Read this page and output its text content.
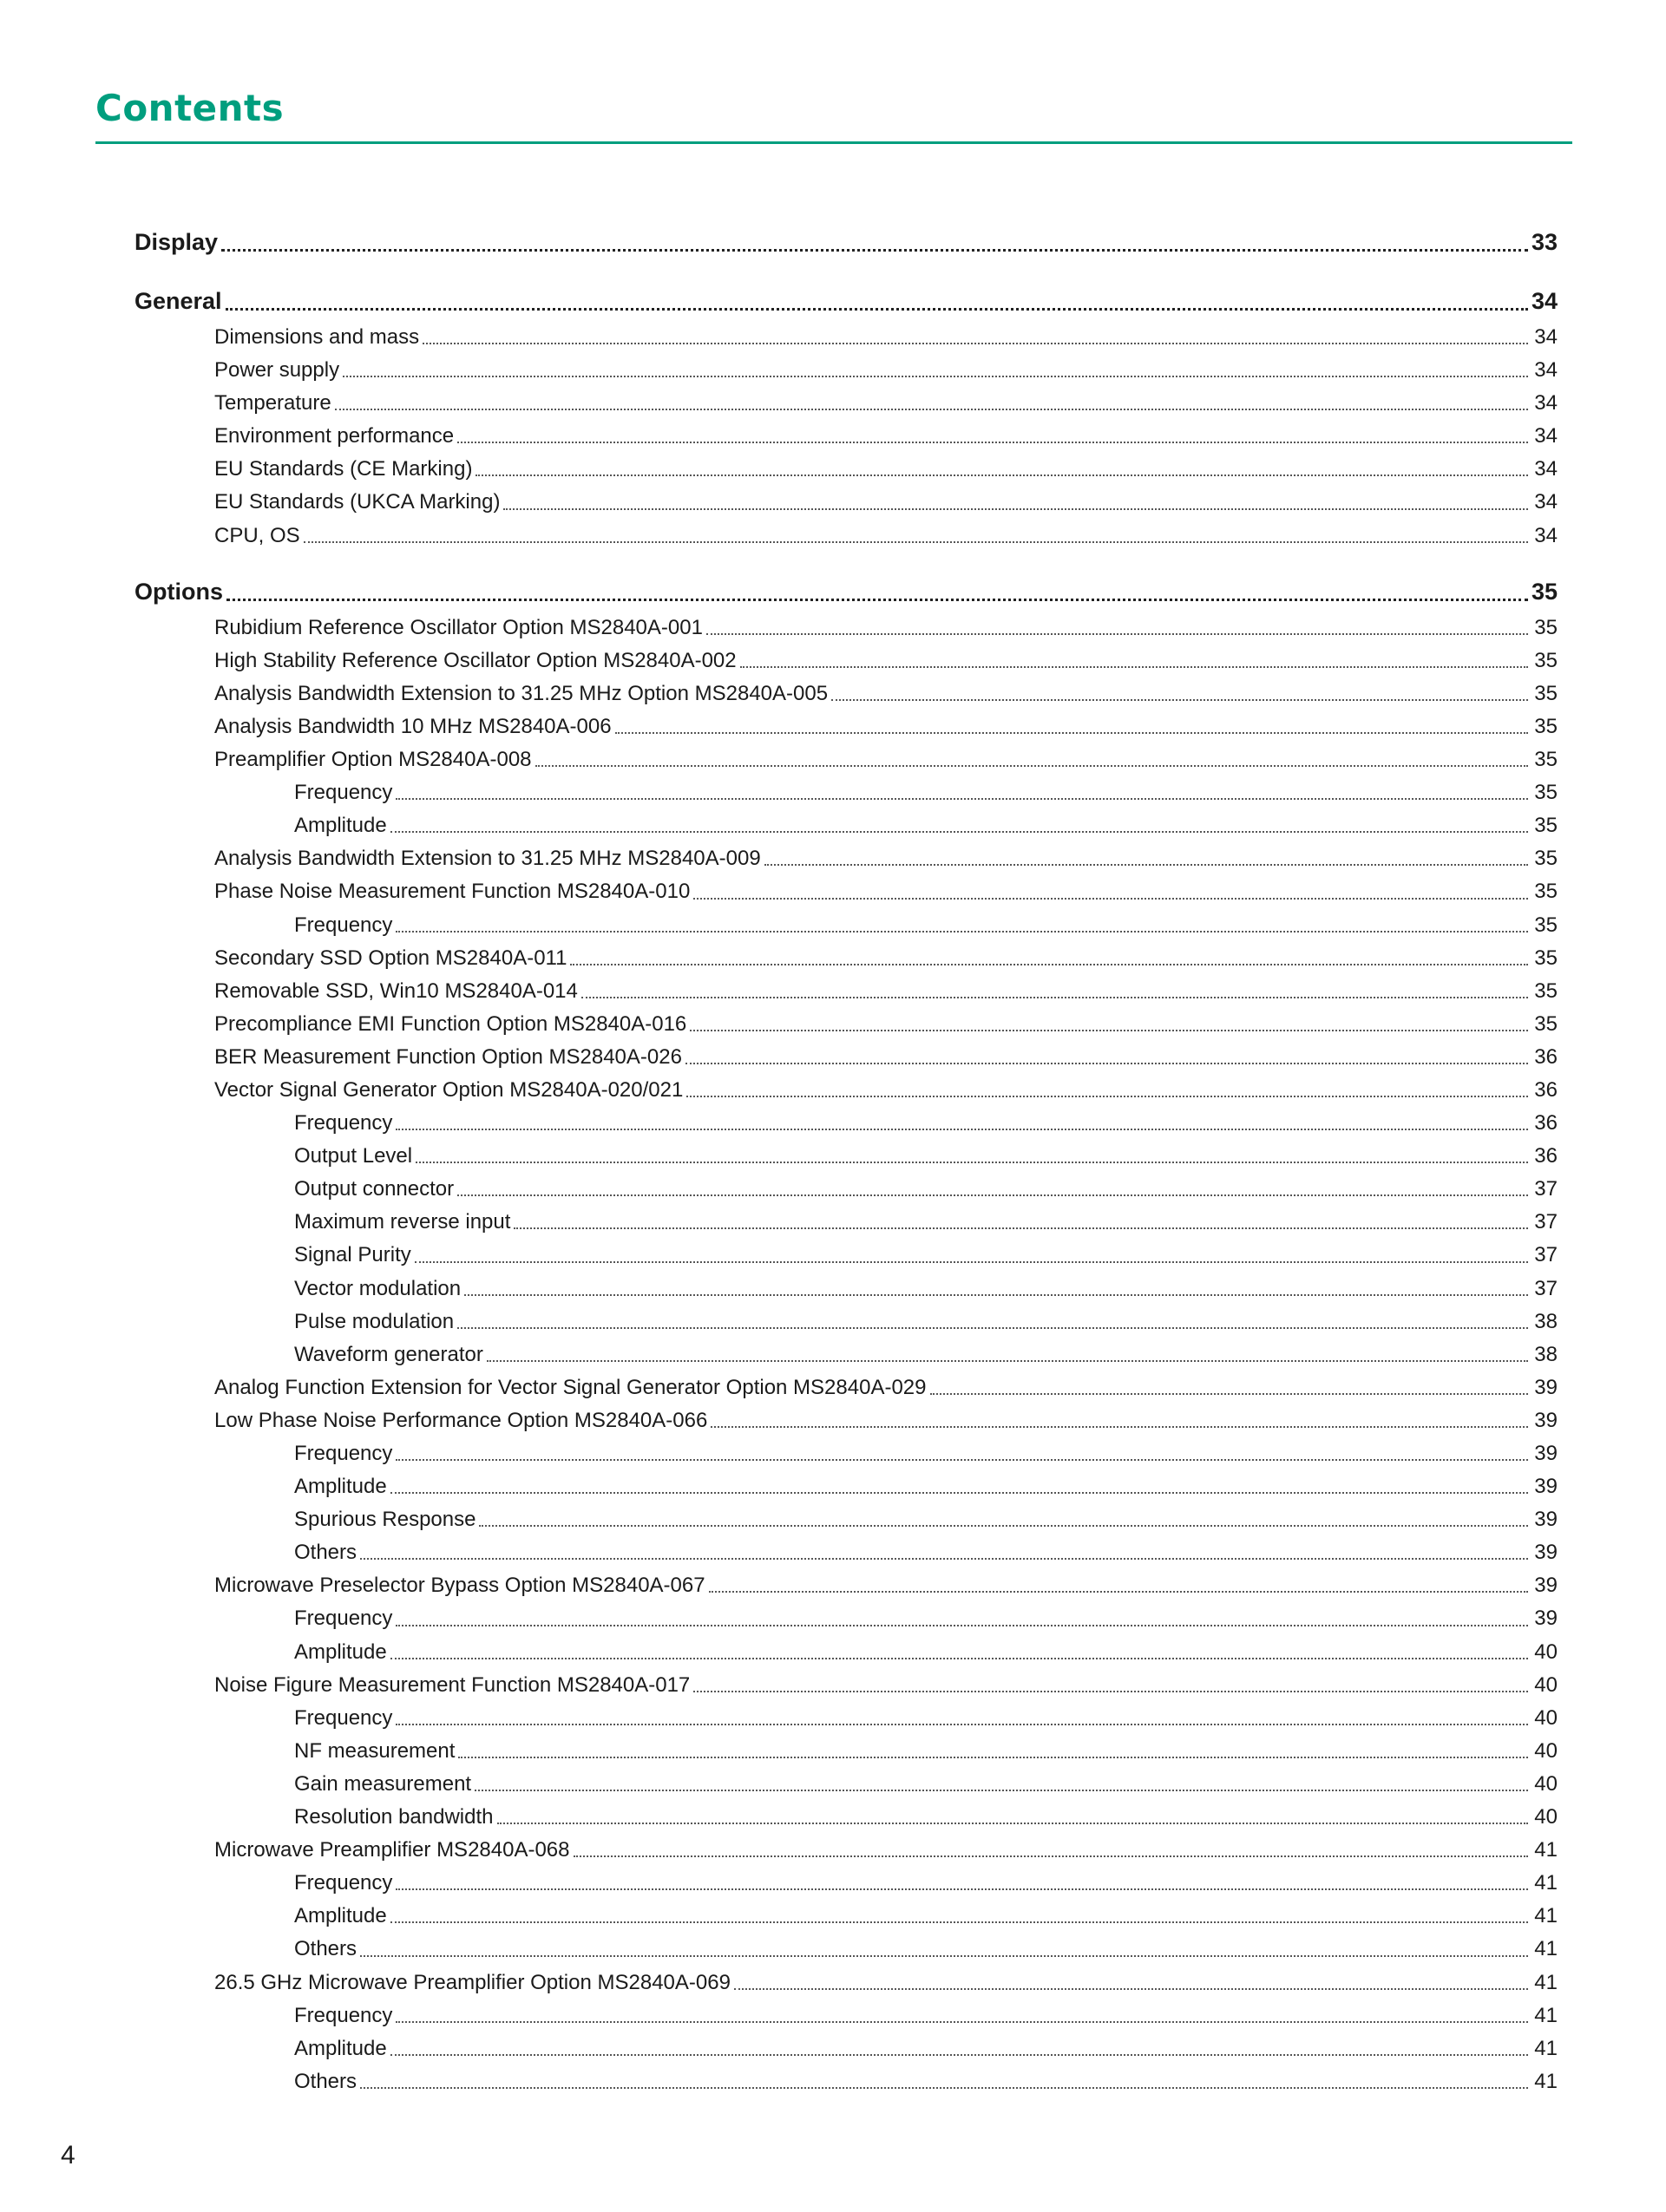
Contents
Display	33
General	34
Dimensions and mass	34
Power supply	34
Temperature	34
Environment performance	34
EU Standards (CE Marking)	34
EU Standards (UKCA Marking)	34
CPU, OS	34
Options	35
Rubidium Reference Oscillator Option MS2840A-001	35
High Stability Reference Oscillator Option MS2840A-002	35
Analysis Bandwidth Extension to 31.25 MHz Option MS2840A-005	35
Analysis Bandwidth 10 MHz MS2840A-006	35
Preamplifier Option MS2840A-008	35
Frequency	35
Amplitude	35
Analysis Bandwidth Extension to 31.25 MHz MS2840A-009	35
Phase Noise Measurement Function MS2840A-010	35
Frequency	35
Secondary SSD Option MS2840A-011	35
Removable SSD, Win10 MS2840A-014	35
Precompliance EMI Function Option MS2840A-016	35
BER Measurement Function Option MS2840A-026	36
Vector Signal Generator Option MS2840A-020/021	36
Frequency	36
Output Level	36
Output connector	37
Maximum reverse input	37
Signal Purity	37
Vector modulation	37
Pulse modulation	38
Waveform generator	38
Analog Function Extension for Vector Signal Generator Option MS2840A-029	39
Low Phase Noise Performance Option MS2840A-066	39
Frequency	39
Amplitude	39
Spurious Response	39
Others	39
Microwave Preselector Bypass Option MS2840A-067	39
Frequency	39
Amplitude	40
Noise Figure Measurement Function MS2840A-017	40
Frequency	40
NF measurement	40
Gain measurement	40
Resolution bandwidth	40
Microwave Preamplifier MS2840A-068	41
Frequency	41
Amplitude	41
Others	41
26.5 GHz Microwave Preamplifier Option MS2840A-069	41
Frequency	41
Amplitude	41
Others	41
4
